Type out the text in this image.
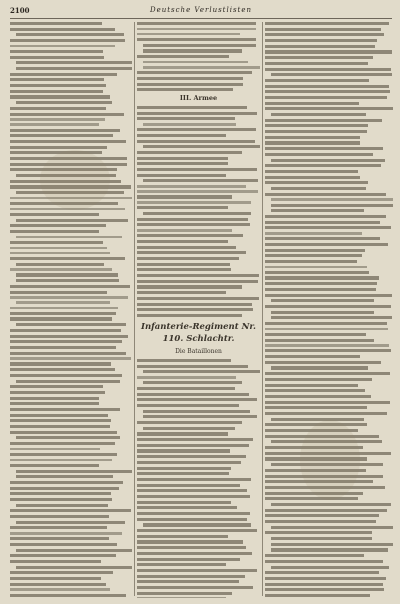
2100	Deutsche Verlustlisten
III. Armee
Infanterie-Regiment Nr. 110. Schlachtr.
Die Bataillonen
